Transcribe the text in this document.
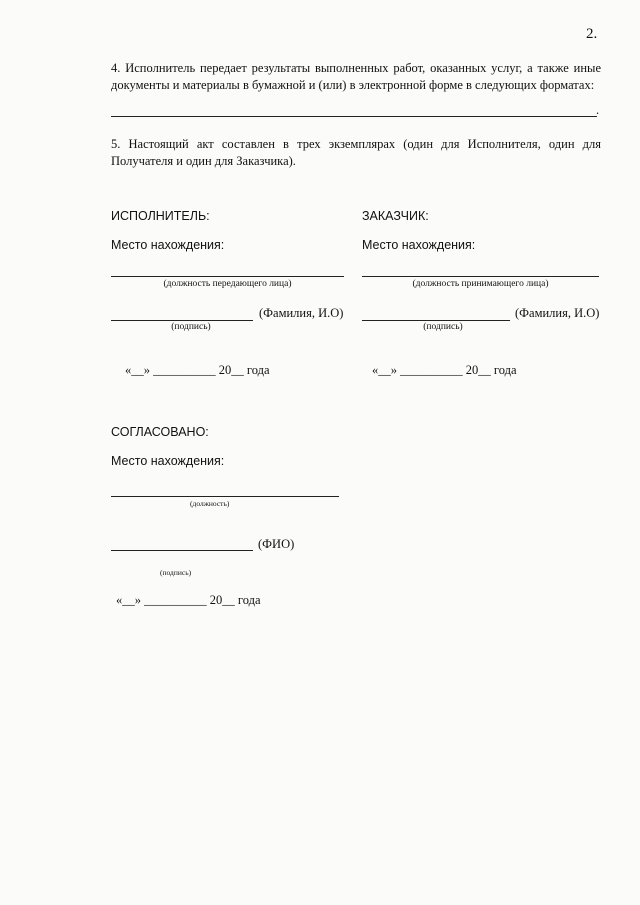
2.
4. Исполнитель передает результаты выполненных работ, оказанных услуг, а также иные документы и материалы в бумажной и (или) в электронной форме в следующих форматах:
.
5. Настоящий акт составлен в трех экземплярах (один для Исполнителя, один для Получателя и один для Заказчика).
ИСПОЛНИТЕЛЬ:
Место нахождения:
(должность передающего лица)
(Фамилия, И.О)
(подпись)
«__» __________ 20__ года
ЗАКАЗЧИК:
Место нахождения:
(должность принимающего лица)
(Фамилия, И.О)
(подпись)
«__» __________ 20__ года
СОГЛАСОВАНО:
Место нахождения:
(должность)
(ФИО)
(подпись)
«__» __________ 20__ года
